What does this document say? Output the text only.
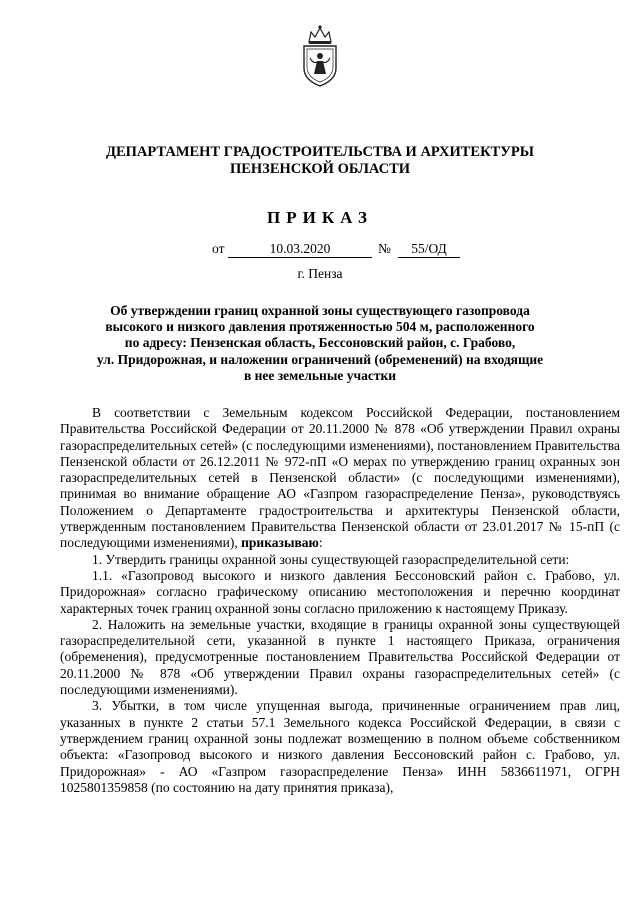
ДЕПАРТАМЕНТ ГРАДОСТРОИТЕЛЬСТВА И АРХИТЕКТУРЫ
ПЕНЗЕНСКОЙ ОБЛАСТИ
ПРИКАЗ
от	10.03.2020	№	55/ОД
г. Пенза
Об утверждении границ охранной зоны существующего газопровода
высокого и низкого давления протяженностью 504 м, расположенного
по адресу: Пензенская область, Бессоновский район, с. Грабово,
ул. Придорожная, и наложении ограничений (обременений) на входящие
в нее земельные участки

В соответствии с Земельным кодексом Российской Федерации, постановлением Правительства Российской Федерации от 20.11.2000 № 878 «Об утверждении Правил охраны газораспределительных сетей» (с последующими изменениями), постановлением Правительства Пензенской области от 26.12.2011 № 972-пП «О мерах по утверждению границ охранных зон газораспределительных сетей в Пензенской области» (с последующими изменениями), принимая во внимание обращение АО «Газпром газораспределение Пенза», руководствуясь Положением о Департаменте градостроительства и архитектуры Пензенской области, утвержденным постановлением Правительства Пензенской области от 23.01.2017 № 15-пП (с последующими изменениями), приказываю:

1. Утвердить границы охранной зоны существующей газораспределительной сети:

1.1. «Газопровод высокого и низкого давления Бессоновский район с. Грабово, ул. Придорожная» согласно графическому описанию местоположения и перечню координат характерных точек границ охранной зоны согласно приложению к настоящему Приказу.

2. Наложить на земельные участки, входящие в границы охранной зоны существующей газораспределительной сети, указанной в пункте 1 настоящего Приказа, ограничения (обременения), предусмотренные постановлением Правительства Российской Федерации от 20.11.2000 № 878 «Об утверждении Правил охраны газораспределительных сетей» (с последующими изменениями).

3. Убытки, в том числе упущенная выгода, причиненные ограничением прав лиц, указанных в пункте 2 статьи 57.1 Земельного кодекса Российской Федерации, в связи с утверждением границ охранной зоны подлежат возмещению в полном объеме собственником объекта: «Газопровод высокого и низкого давления Бессоновский район с. Грабово, ул. Придорожная» - АО «Газпром газораспределение Пенза» ИНН 5836611971, ОГРН 1025801359858 (по состоянию на дату принятия приказа),
